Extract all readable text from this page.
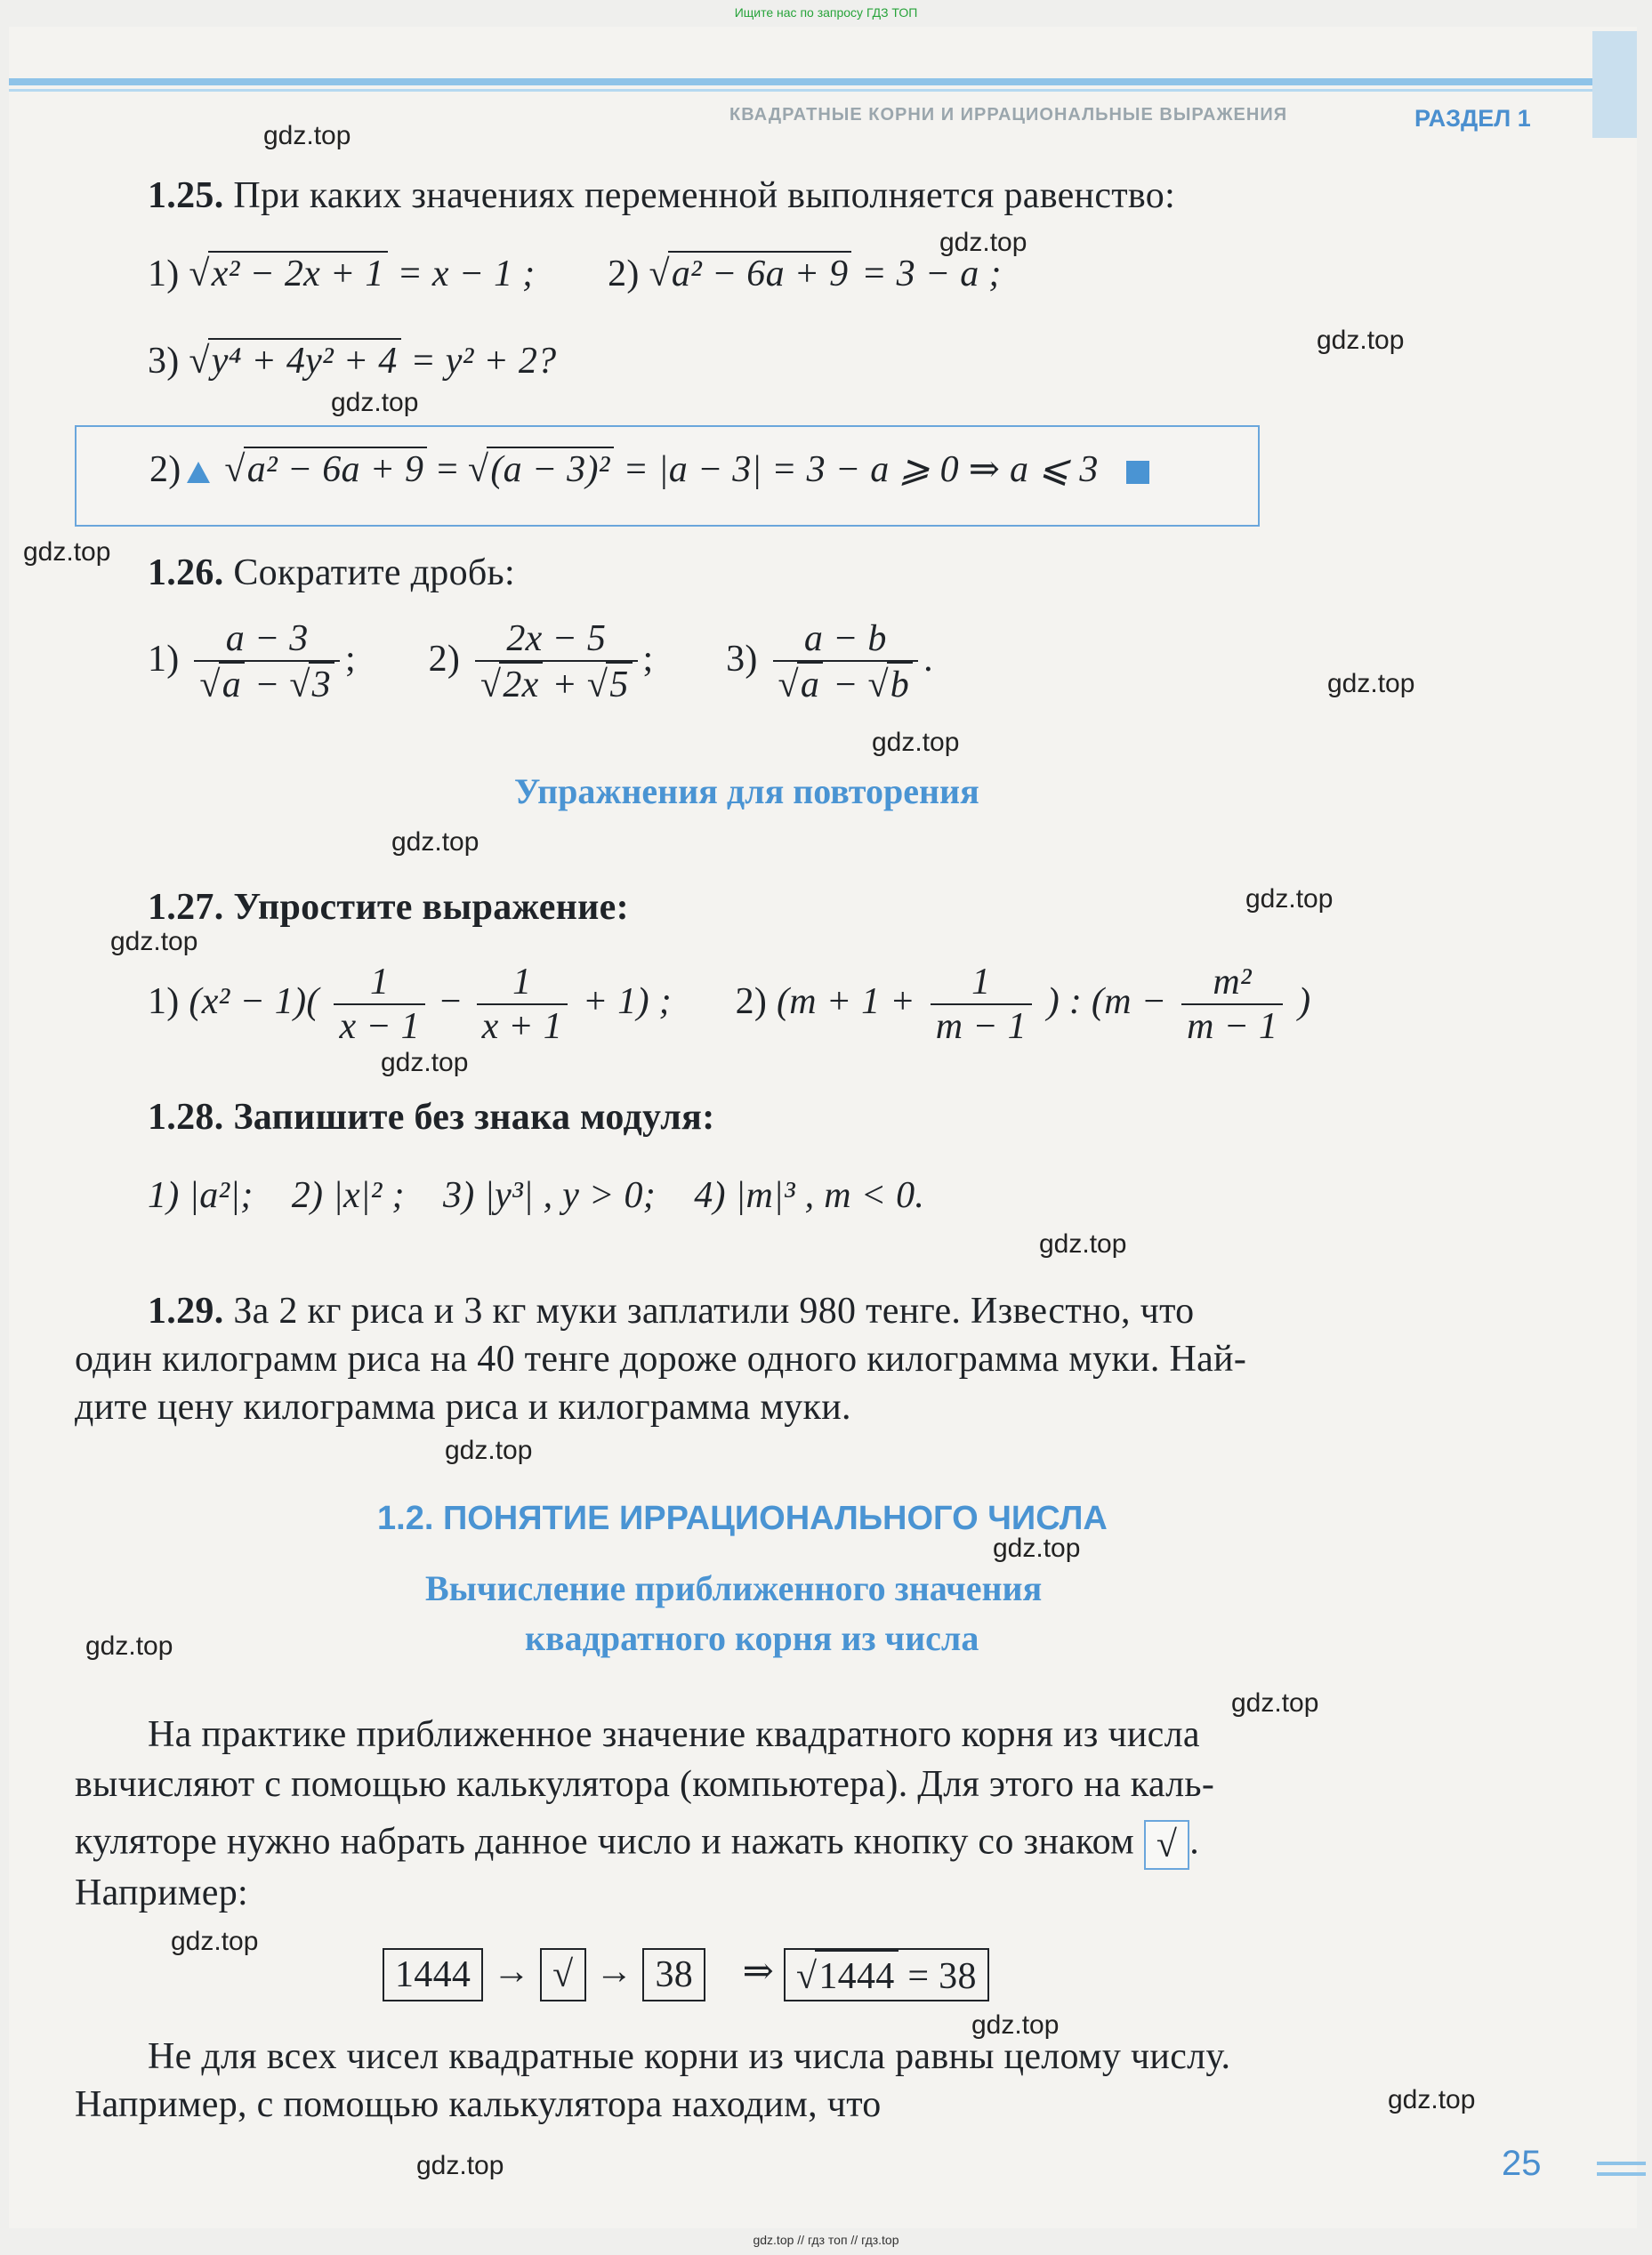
Ищите нас по запросу ГДЗ ТОП
КВАДРАТНЫЕ КОРНИ И ИРРАЦИОНАЛЬНЫЕ ВЫРАЖЕНИЯ	РАЗДЕЛ 1
gdz.top
gdz.top
gdz.top
gdz.top
gdz.top
gdz.top
gdz.top
gdz.top
gdz.top
gdz.top
gdz.top
gdz.top
gdz.top
gdz.top
gdz.top
gdz.top
gdz.top
gdz.top
gdz.top
gdz.top
1.25. При каких значениях переменной выполняется равенство:
1) √x² − 2x + 1 = x − 1 ; 2) √a² − 6a + 9 = 3 − a ;
3) √y⁴ + 4y² + 4 = y² + 2?
2) √a² − 6a + 9 = √(a − 3)² = |a − 3| = 3 − a ⩾ 0 ⇒ a ⩽ 3
1.26. Сократите дробь:
$1) \frac{a - 3}{√a - √3}$ ; $2) \frac{2x - 5}{√2x + √5}$ ; $3) \frac{a - b}{√a - √b}$ .
Упражнения для повторения
1.27. Упростите выражение:
1) $(x^2 - 1)( \frac{1}{x - 1} - \frac{1}{x + 1} + 1)$ ; 2) ($m + 1 + \frac{1}{m - 1}$ ) : ($m - \frac{\text{m²}}{m - 1}$ )
1.28. Запишите без знака модуля:
1) |a²|;    2) |x|² ;    3) |y³| , y > 0;    4) |m|³ , m < 0.
1.29. За 2 кг риса и 3 кг муки заплатили 980 тенге. Известно, что
один килограмм риса на 40 тенге дороже одного килограмма муки. Най-
дите цену килограмма риса и килограмма муки.
1.2. ПОНЯТИЕ ИРРАЦИОНАЛЬНОГО ЧИСЛА
Вычисление приближенного значения
квадратного корня из числа
На практике приближенное значение квадратного корня из числа
вычисляют с помощью калькулятора (компьютера). Для этого на каль-
куляторе нужно набрать данное число и нажать кнопку со знаком √ .
Например:
1444 → √ → 38 ⇒ √1444 = 38
Не для всех чисел квадратные корни из числа равны целому числу.
Например, с помощью калькулятора находим, что
25
gdz.top // гдз топ // гдз.top
